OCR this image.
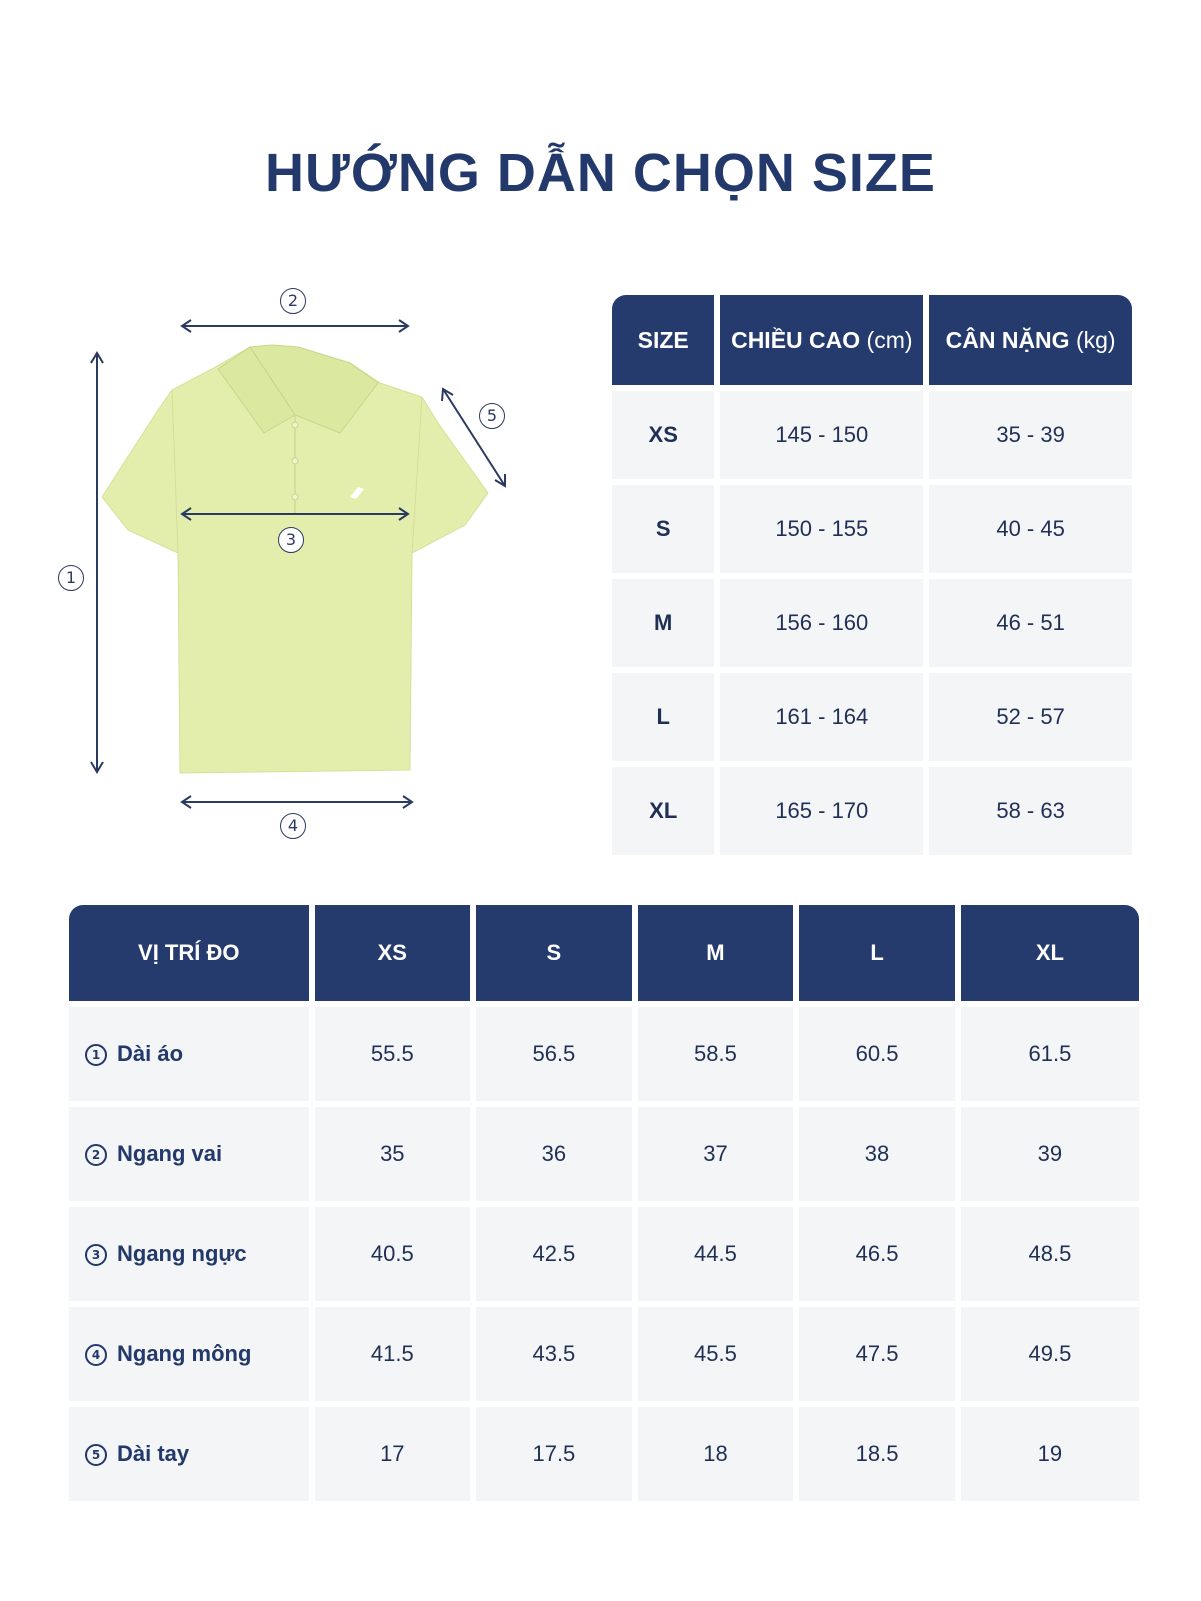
HƯỚNG DẪN CHỌN SIZE
1
2
3
4
5
SIZE	CHIỀU CAO (cm)	CÂN NẶNG (kg)
XS	145 - 150	35 - 39
S	150 - 155	40 - 45
M	156 - 160	46 - 51
L	161 - 164	52 - 57
XL	165 - 170	58 - 63
VỊ TRÍ ĐO	XS	S	M	L	XL
1 Dài áo	55.5	56.5	58.5	60.5	61.5
2 Ngang vai	35	36	37	38	39
3 Ngang ngực	40.5	42.5	44.5	46.5	48.5
4 Ngang mông	41.5	43.5	45.5	47.5	49.5
5 Dài tay	17	17.5	18	18.5	19
